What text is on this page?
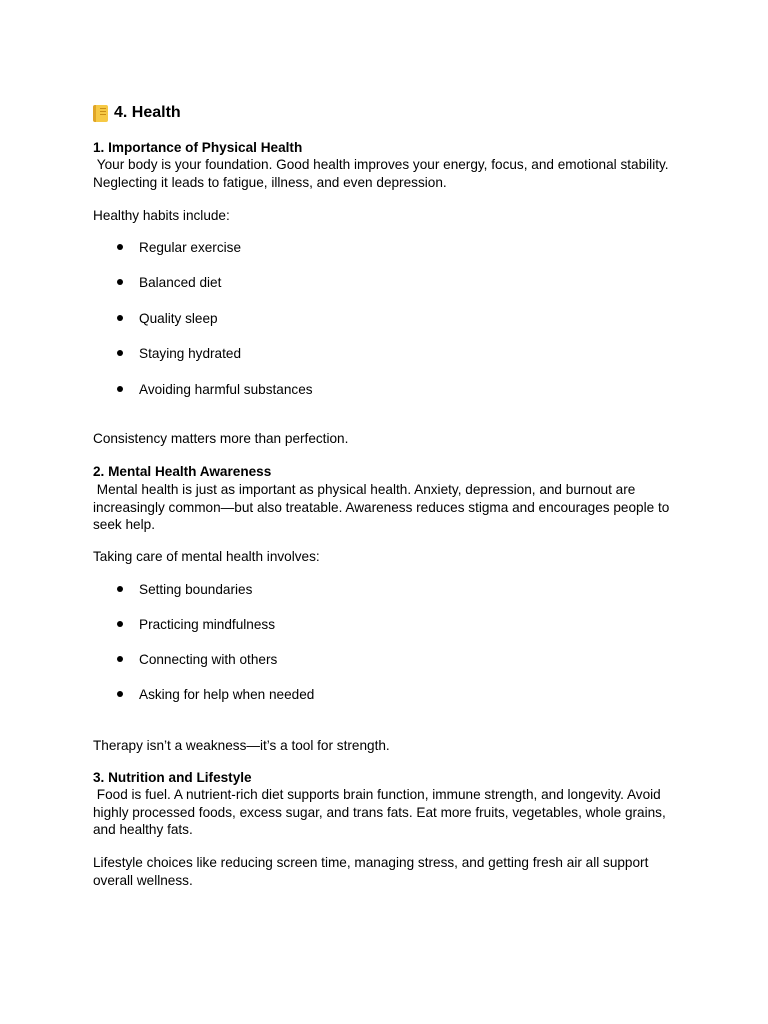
4. Health
1. Importance of Physical Health
Your body is your foundation. Good health improves your energy, focus, and emotional stability. Neglecting it leads to fatigue, illness, and even depression.
Healthy habits include:
Regular exercise
Balanced diet
Quality sleep
Staying hydrated
Avoiding harmful substances
Consistency matters more than perfection.
2. Mental Health Awareness
Mental health is just as important as physical health. Anxiety, depression, and burnout are increasingly common—but also treatable. Awareness reduces stigma and encourages people to seek help.
Taking care of mental health involves:
Setting boundaries
Practicing mindfulness
Connecting with others
Asking for help when needed
Therapy isn’t a weakness—it’s a tool for strength.
3. Nutrition and Lifestyle
Food is fuel. A nutrient-rich diet supports brain function, immune strength, and longevity. Avoid highly processed foods, excess sugar, and trans fats. Eat more fruits, vegetables, whole grains, and healthy fats.
Lifestyle choices like reducing screen time, managing stress, and getting fresh air all support overall wellness.
